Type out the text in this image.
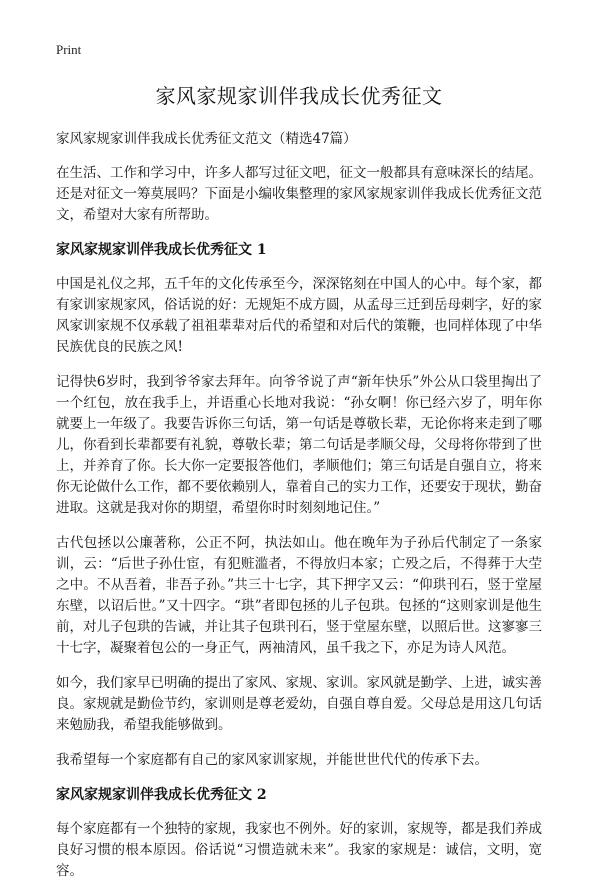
Print
家风家规家训伴我成长优秀征文

家风家规家训伴我成长优秀征文范文（精选47篇）

在生活、工作和学习中，许多人都写过征文吧，征文一般都具有意味深长的结尾。还是对征文一筹莫展吗？下面是小编收集整理的家风家规家训伴我成长优秀征文范文，希望对大家有所帮助。

家风家规家训伴我成长优秀征文 1

中国是礼仪之邦，五千年的文化传承至今，深深铭刻在中国人的心中。每个家，都有家训家规家风，俗话说的好：无规矩不成方圆，从孟母三迁到岳母刺字，好的家风家训家规不仅承载了祖祖辈辈对后代的希望和对后代的策鞭，也同样体现了中华民族优良的民族之风!

记得快6岁时，我到爷爷家去拜年。向爷爷说了声“新年快乐”外公从口袋里掏出了一个红包，放在我手上，并语重心长地对我说：“孙女啊！你已经六岁了，明年你就要上一年级了。我要告诉你三句话，第一句话是尊敬长辈，无论你将来走到了哪儿，你看到长辈都要有礼貌，尊敬长辈；第二句话是孝顺父母，父母将你带到了世上，并养育了你。长大你一定要报答他们，孝顺他们；第三句话是自强自立，将来你无论做什么工作，都不要依赖别人，靠着自己的实力工作，还要安于现状，勤奋进取。这就是我对你的期望，希望你时时刻刻地记住。”

古代包拯以公廉著称，公正不阿，执法如山。他在晚年为子孙后代制定了一条家训，云：“后世子孙仕宦，有犯赃滥者，不得放归本家；亡殁之后，不得葬于大茔之中。不从吾着，非吾子孙。”共三十七字，其下押字又云：“仰珙刊石，竖于堂屋东壁，以诏后世。”又十四字。“珙”者即包拯的儿子包珙。包拯的“这则家训是他生前，对儿子包珙的告诫，并让其子包珙刊石，竖于堂屋东壁，以照后世。这寥寥三十七字，凝聚着包公的一身正气，两袖清风，虽千我之下，亦足为诗人风范。

如今，我们家早已明确的提出了家风、家规、家训。家风就是勤学、上进，诚实善良。家规就是勤俭节约，家训则是尊老爱幼，自强自尊自爱。父母总是用这几句话来勉励我，希望我能够做到。

我希望每一个家庭都有自己的家风家训家规，并能世世代代的传承下去。

家风家规家训伴我成长优秀征文 2

每个家庭都有一个独特的家规，我家也不例外。好的家训，家规等，都是我们养成良好习惯的根本原因。俗话说“习惯造就未来”。我家的家规是：诚信，文明，宽容。
